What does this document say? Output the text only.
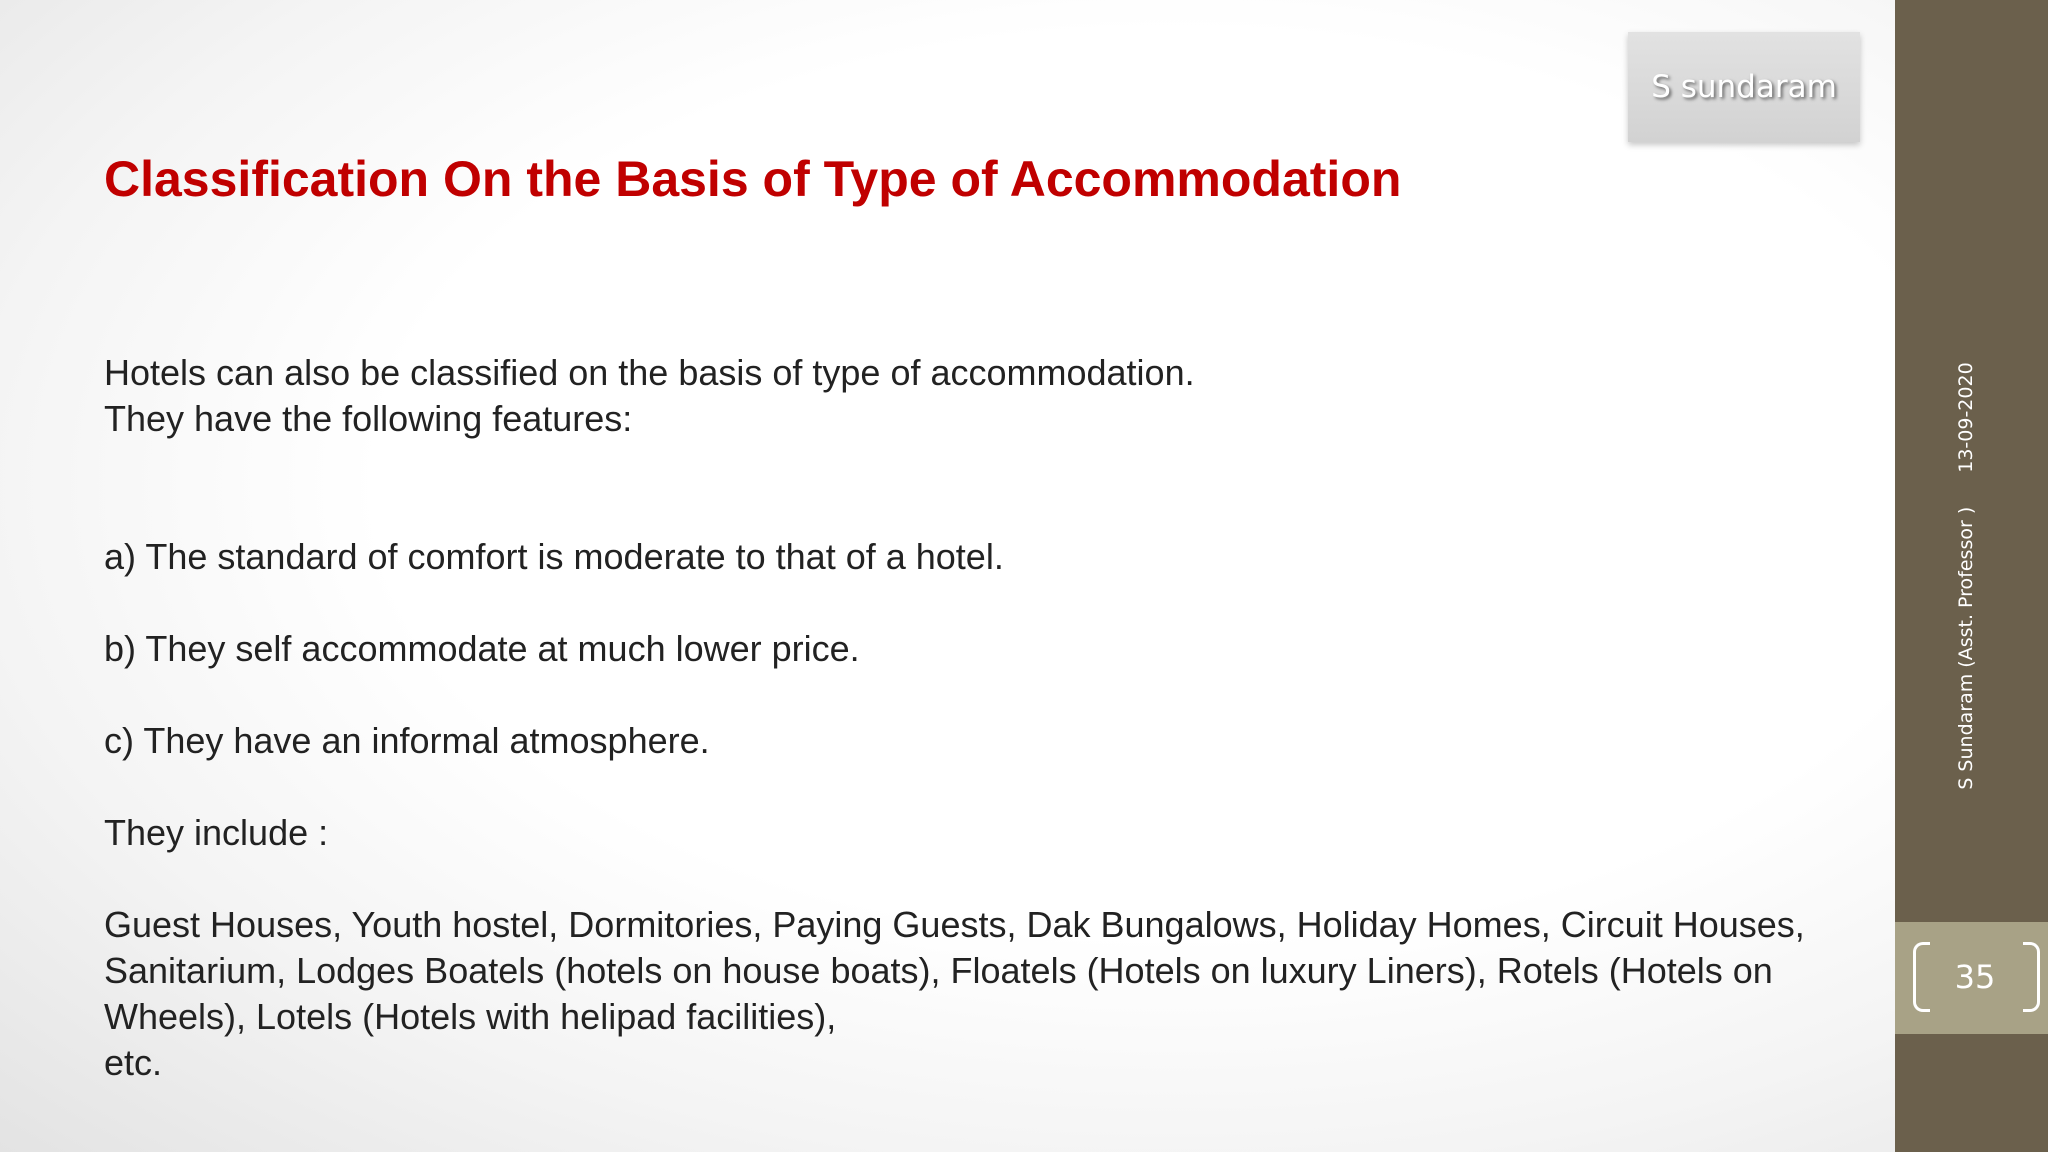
S sundaram
Classification On the Basis of Type of Accommodation

Hotels can also be classified on the basis of type of accommodation.

They have the following features:

a) The standard of comfort is moderate to that of a hotel.

b) They self accommodate at much lower price.

c) They have an informal atmosphere.

They include :

Guest Houses, Youth hostel, Dormitories, Paying Guests, Dak Bungalows, Holiday Homes, Circuit Houses,

Sanitarium, Lodges Boatels (hotels on house boats), Floatels (Hotels on luxury Liners), Rotels (Hotels on

Wheels), Lotels (Hotels with helipad facilities),

etc.

S Sundaram (Asst. Professor )13-09-2020
35
